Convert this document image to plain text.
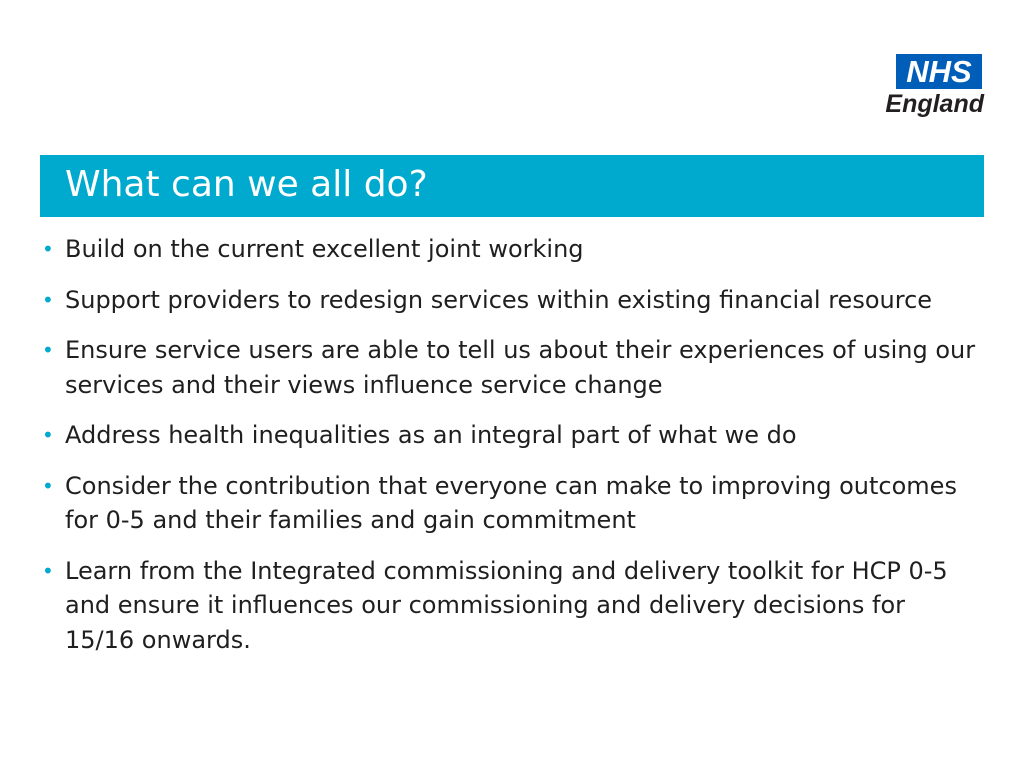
NHS
England
What can we all do?
• Build on the current excellent joint working
• Support providers to redesign services within existing financial resource
• Ensure service users are able to tell us about their experiences of using our services and their views influence service change
• Address health inequalities as an integral part of what we do
• Consider the contribution that everyone can make to improving outcomes for 0-5 and their families and gain commitment
• Learn from the Integrated commissioning and delivery toolkit for HCP 0-5 and ensure it influences our commissioning and delivery decisions for 15/16 onwards.
